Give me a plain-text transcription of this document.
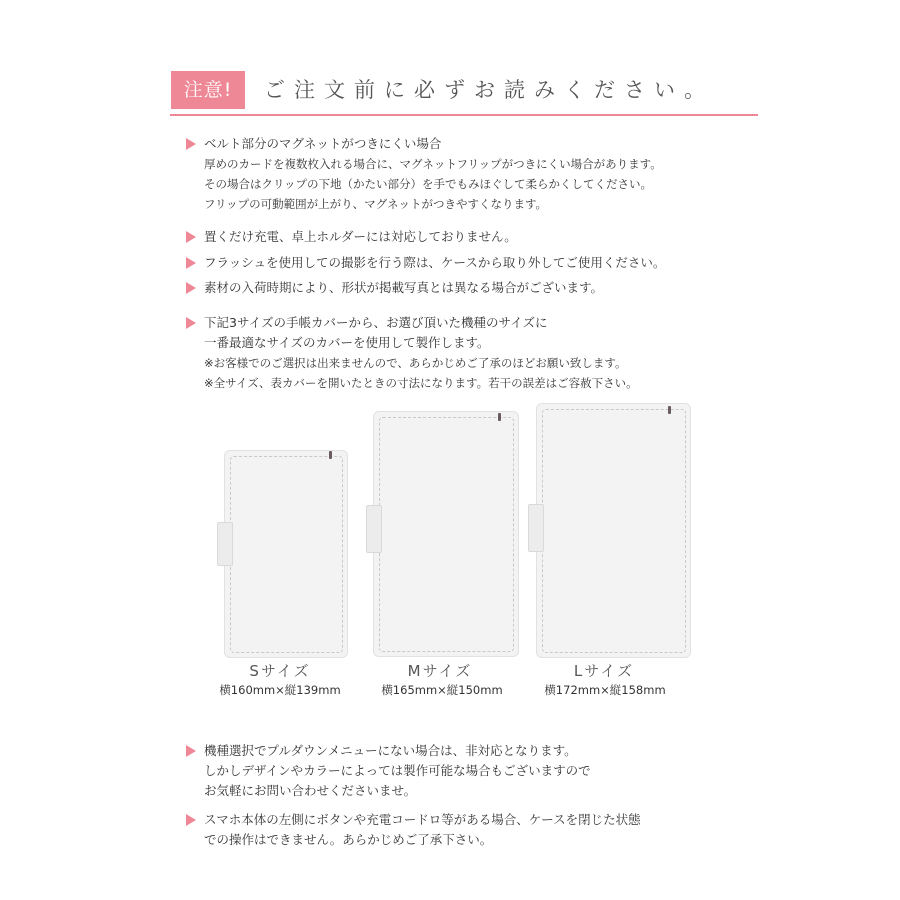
注意!	ご注文前に必ずお読みください。
ベルト部分のマグネットがつきにくい場合
厚めのカードを複数枚入れる場合に、マグネットフリップがつきにくい場合があります。
その場合はクリップの下地（かたい部分）を手でもみほぐして柔らかくしてください。
フリップの可動範囲が上がり、マグネットがつきやすくなります。
置くだけ充電、卓上ホルダーには対応しておりません。
フラッシュを使用しての撮影を行う際は、ケースから取り外してご使用ください。
素材の入荷時期により、形状が掲載写真とは異なる場合がございます。
下記3サイズの手帳カバーから、お選び頂いた機種のサイズに
一番最適なサイズのカバーを使用して製作します。
※お客様でのご選択は出来ませんので、あらかじめご了承のほどお願い致します。
※全サイズ、表カバーを開いたときの寸法になります。若干の誤差はご容赦下さい。
Sサイズ
横160mm×縦139mm
Mサイズ
横165mm×縦150mm
Lサイズ
横172mm×縦158mm
機種選択でプルダウンメニューにない場合は、非対応となります。
しかしデザインやカラーによっては製作可能な場合もございますので
お気軽にお問い合わせくださいませ。
スマホ本体の左側にボタンや充電コードロ等がある場合、ケースを閉じた状態
での操作はできません。あらかじめご了承下さい。
